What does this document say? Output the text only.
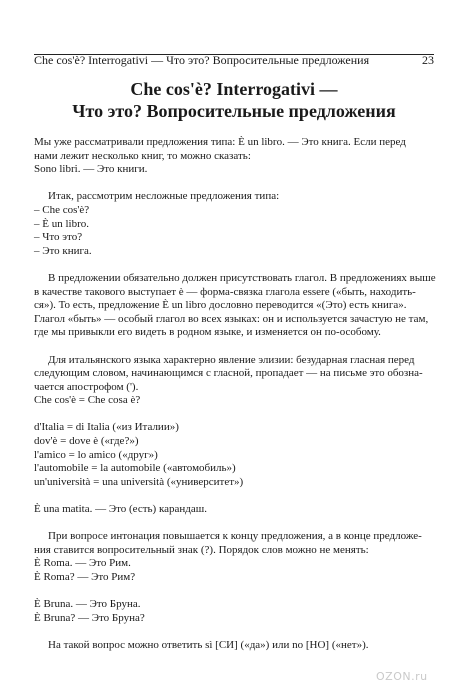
Che cos'è? Interrogativi — Что это? Вопросительные предложения	23
Che cos'è? Interrogativi —
Что это? Вопросительные предложения

Мы уже рассматривали предложения типа: È un libro. — Это книга. Если перед

нами лежит несколько книг, то можно сказать:

Sono libri. — Это книги.

Итак, рассмотрим несложные предложения типа:

– Che cos'è?

– È un libro.

– Что это?

– Это книга.

В предложении обязательно должен присутствовать глагол. В предложениях выше

в качестве такового выступает è — форма-связка глагола essere («быть, находить-

ся»). То есть, предложение È un libro дословно переводится «(Это) есть книга».

Глагол «быть» — особый глагол во всех языках: он и используется зачастую не там,

где мы привыкли его видеть в родном языке, и изменяется он по-особому.

Для итальянского языка характерно явление элизии: безударная гласная перед

следующим словом, начинающимся с гласной, пропадает — на письме это обозна-

чается апострофом (').

Che cos'è = Che cosa è?

d'Italia = di Italia («из Италии»)

dov'è = dove è («где?»)

l'amico = lo amico («друг»)

l'automobile = la automobile («автомобиль»)

un'università = una università («университет»)

È una matita. — Это (есть) карандаш.

При вопросе интонация повышается к концу предложения, а в конце предложе-

ния ставится вопросительный знак (?). Порядок слов можно не менять:

È Roma. — Это Рим.

È Roma? — Это Рим?

È Bruna. — Это Бруна.

È Bruna? — Это Бруна?

На такой вопрос можно ответить sì [СИ] («да») или no [НО] («нет»).

OZON.ru
